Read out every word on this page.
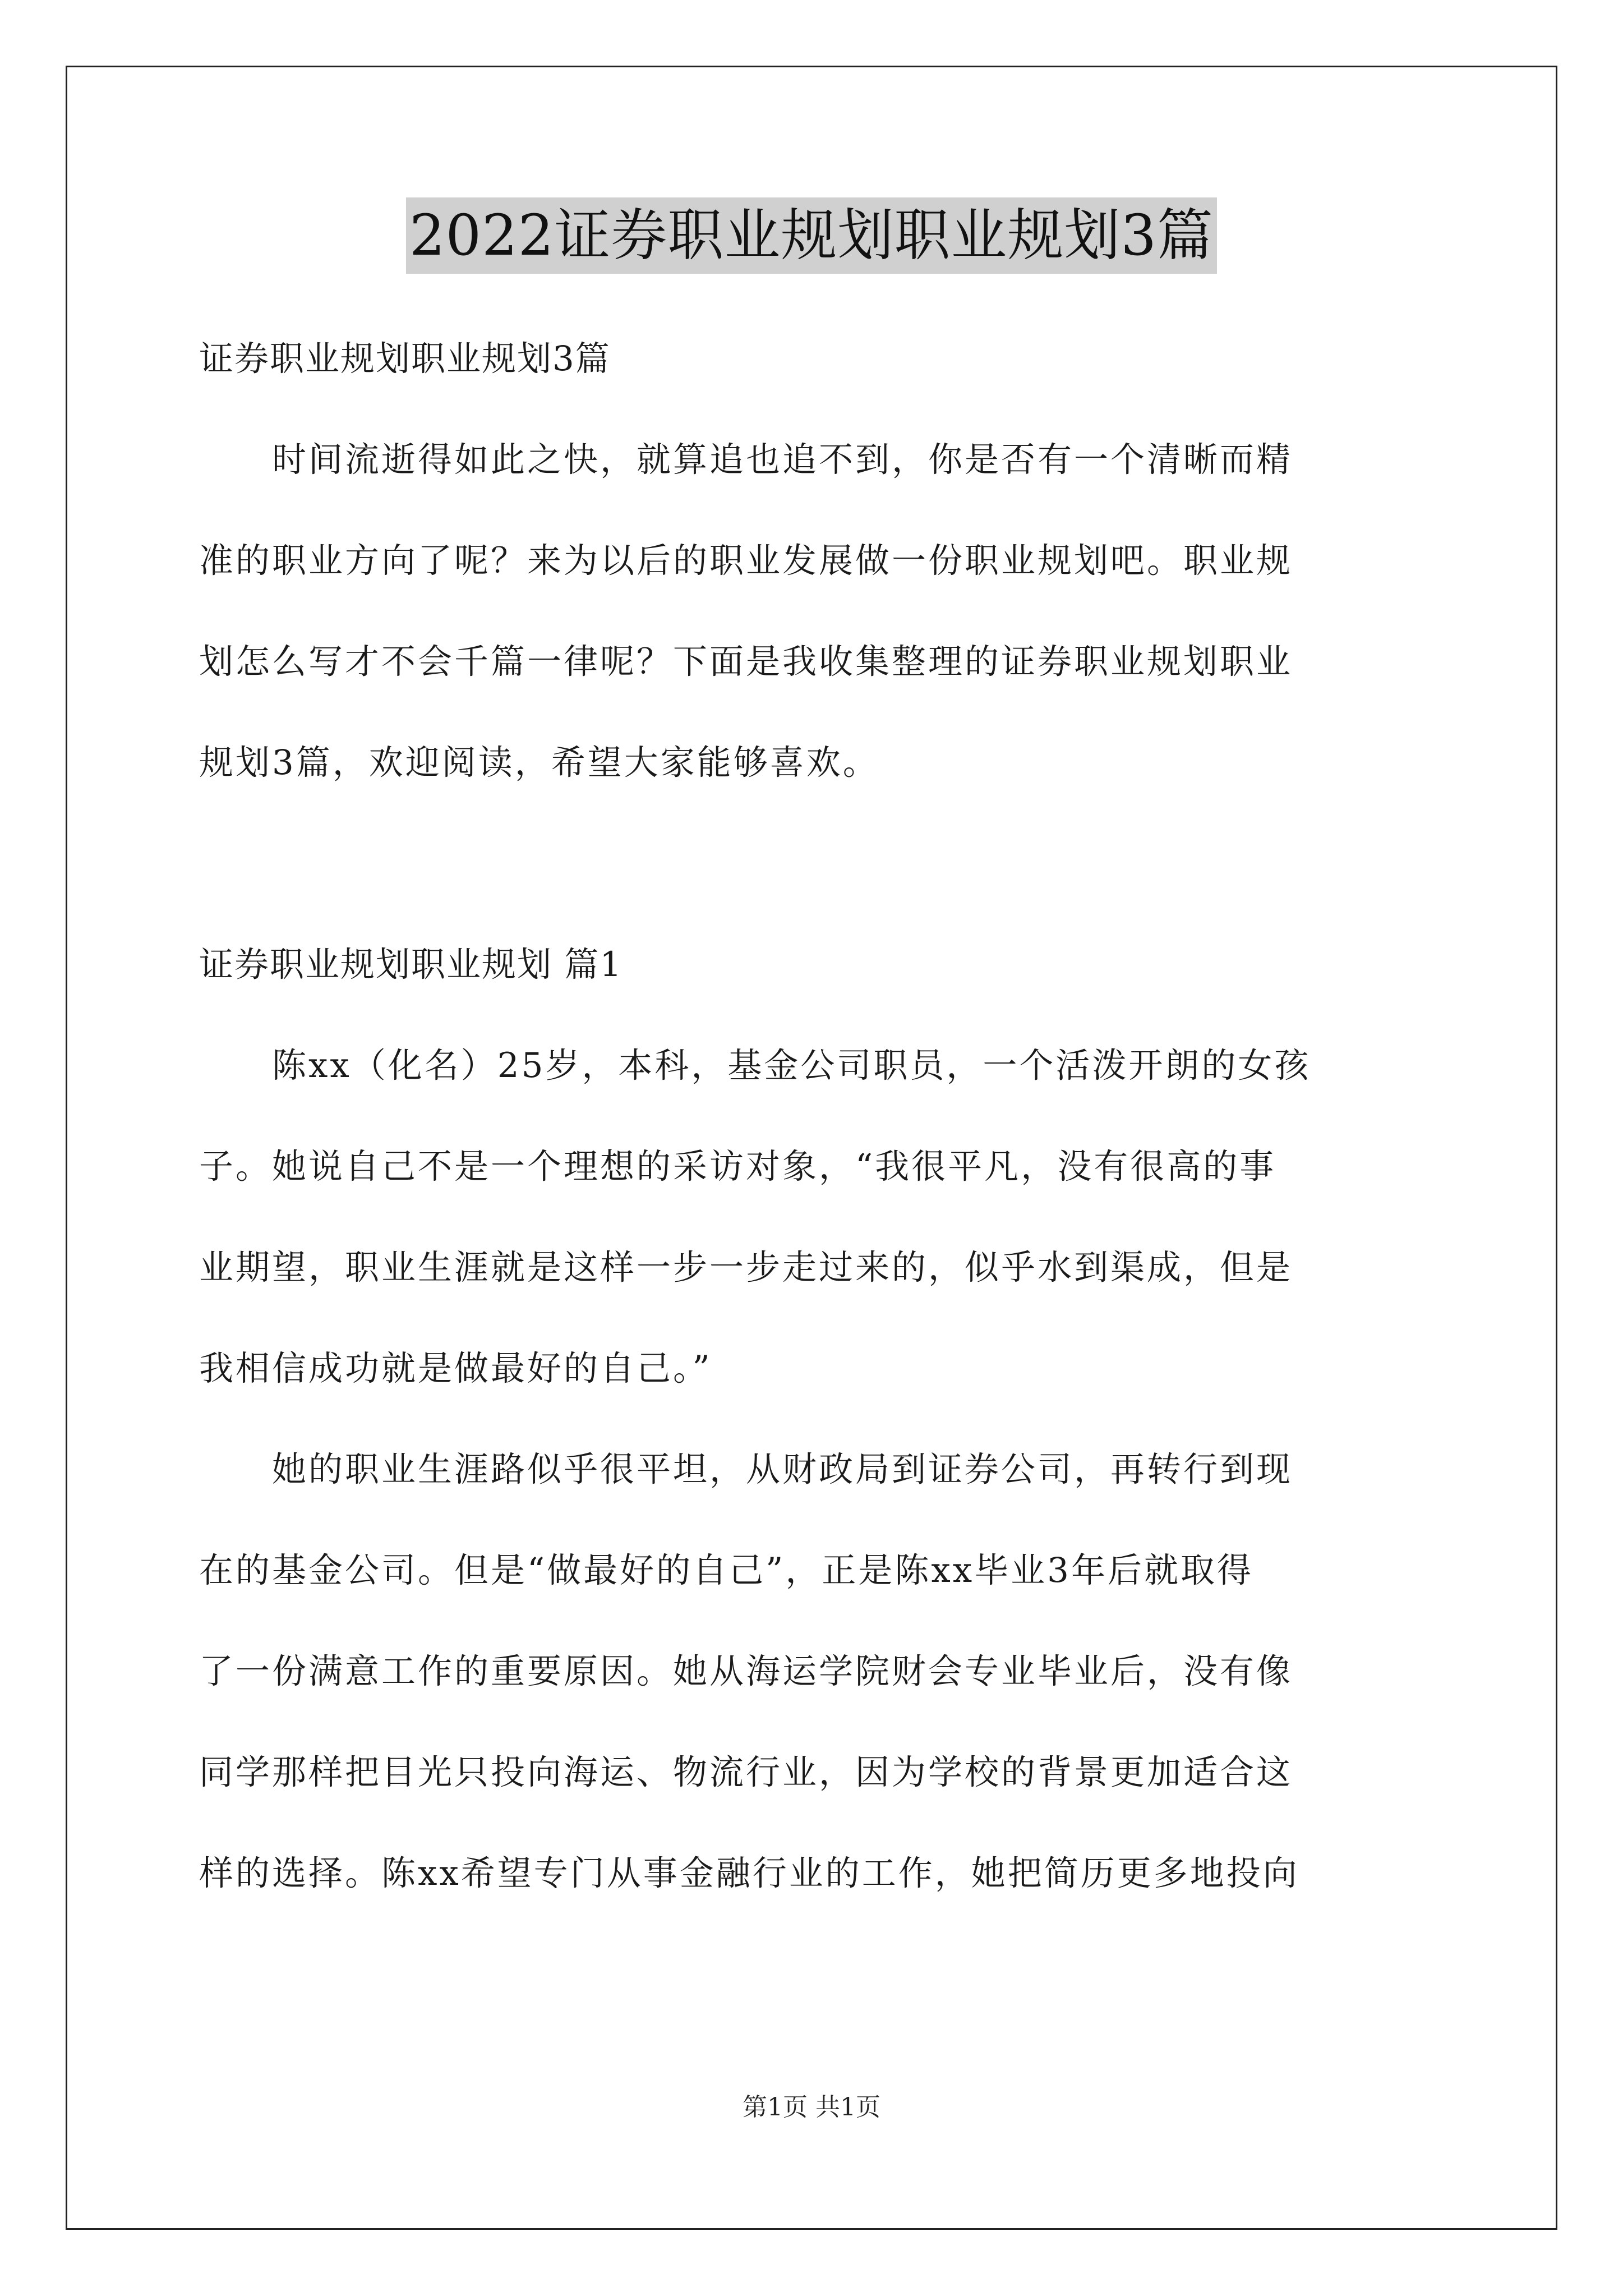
2022证券职业规划职业规划3篇
证券职业规划职业规划3篇
　　时间流逝得如此之快，就算追也追不到，你是否有一个清晰而精
准的职业方向了呢？来为以后的职业发展做一份职业规划吧。职业规
划怎么写才不会千篇一律呢？下面是我收集整理的证券职业规划职业
规划3篇，欢迎阅读，希望大家能够喜欢。
证券职业规划职业规划 篇1
　　陈xx（化名）25岁，本科，基金公司职员，一个活泼开朗的女孩
子。她说自己不是一个理想的采访对象，“我很平凡，没有很高的事
业期望，职业生涯就是这样一步一步走过来的，似乎水到渠成，但是
我相信成功就是做最好的自己。”
　　她的职业生涯路似乎很平坦，从财政局到证券公司，再转行到现
在的基金公司。但是“做最好的自己”，正是陈xx毕业3年后就取得
了一份满意工作的重要原因。她从海运学院财会专业毕业后，没有像
同学那样把目光只投向海运、物流行业，因为学校的背景更加适合这
样的选择。陈xx希望专门从事金融行业的工作，她把简历更多地投向
第1页 共1页
